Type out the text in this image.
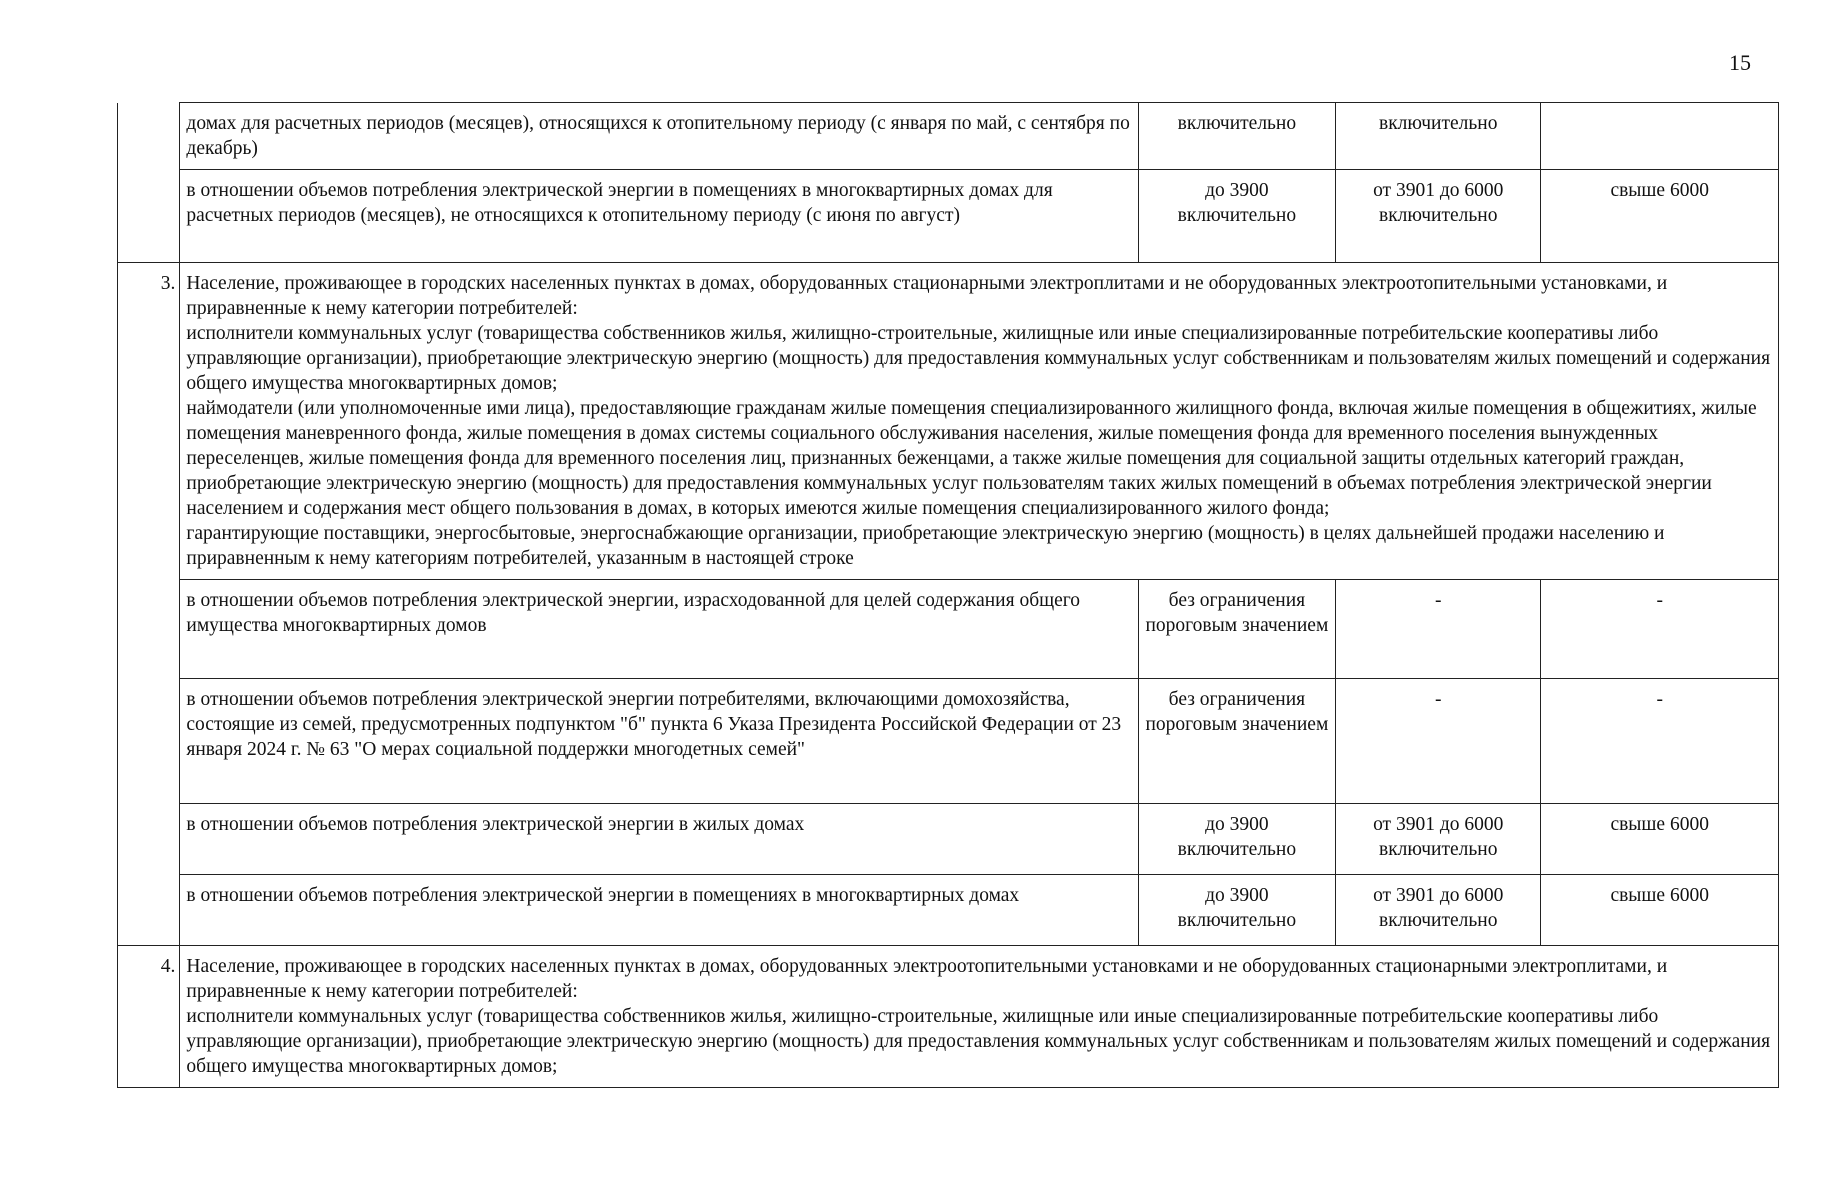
15
	домах для расчетных периодов (месяцев), относящихся к отопительному периоду (с января по май, с сентября по декабрь)	включительно	включительно	
	в отношении объемов потребления электрической энергии в помещениях в многоквартирных домах для расчетных периодов (месяцев), не относящихся к отопительному периоду (с июня по август)	до 3900 включительно	от 3901 до 6000 включительно	свыше 6000
3.	Население, проживающее в городских населенных пунктах в домах, оборудованных стационарными электроплитами и не оборудованных электроотопительными установками, и приравненные к нему категории потребителей:

исполнители коммунальных услуг (товарищества собственников жилья, жилищно-строительные, жилищные или иные специализированные потребительские кооперативы либо управляющие организации), приобретающие электрическую энергию (мощность) для предоставления коммунальных услуг собственникам и пользователям жилых помещений и содержания общего имущества многоквартирных домов;

наймодатели (или уполномоченные ими лица), предоставляющие гражданам жилые помещения специализированного жилищного фонда, включая жилые помещения в общежитиях, жилые помещения маневренного фонда, жилые помещения в домах системы социального обслуживания населения, жилые помещения фонда для временного поселения вынужденных переселенцев, жилые помещения фонда для временного поселения лиц, признанных беженцами, а также жилые помещения для социальной защиты отдельных категорий граждан, приобретающие электрическую энергию (мощность) для предоставления коммунальных услуг пользователям таких жилых помещений в объемах потребления электрической энергии населением и содержания мест общего пользования в домах, в которых имеются жилые помещения специализированного жилого фонда;

гарантирующие поставщики, энергосбытовые, энергоснабжающие организации, приобретающие электрическую энергию (мощность) в целях дальнейшей продажи населению и приравненным к нему категориям потребителей, указанным в настоящей строке			

	в отношении объемов потребления электрической энергии, израсходованной для целей содержания общего имущества многоквартирных домов	без ограничения пороговым значением	-	-
	в отношении объемов потребления электрической энергии потребителями, включающими домохозяйства, состоящие из семей, предусмотренных подпунктом "б" пункта 6 Указа Президента Российской Федерации от 23 января 2024 г. № 63 "О мерах социальной поддержки многодетных семей"	без ограничения пороговым значением	-	-
	в отношении объемов потребления электрической энергии в жилых домах	до 3900 включительно	от 3901 до 6000 включительно	свыше 6000
	в отношении объемов потребления электрической энергии в помещениях в многоквартирных домах	до 3900 включительно	от 3901 до 6000 включительно	свыше 6000
4.	Население, проживающее в городских населенных пунктах в домах, оборудованных электроотопительными установками и не оборудованных стационарными электроплитами, и приравненные к нему категории потребителей:

исполнители коммунальных услуг (товарищества собственников жилья, жилищно-строительные, жилищные или иные специализированные потребительские кооперативы либо управляющие организации), приобретающие электрическую энергию (мощность) для предоставления коммунальных услуг собственникам и пользователям жилых помещений и содержания общего имущества многоквартирных домов;			
